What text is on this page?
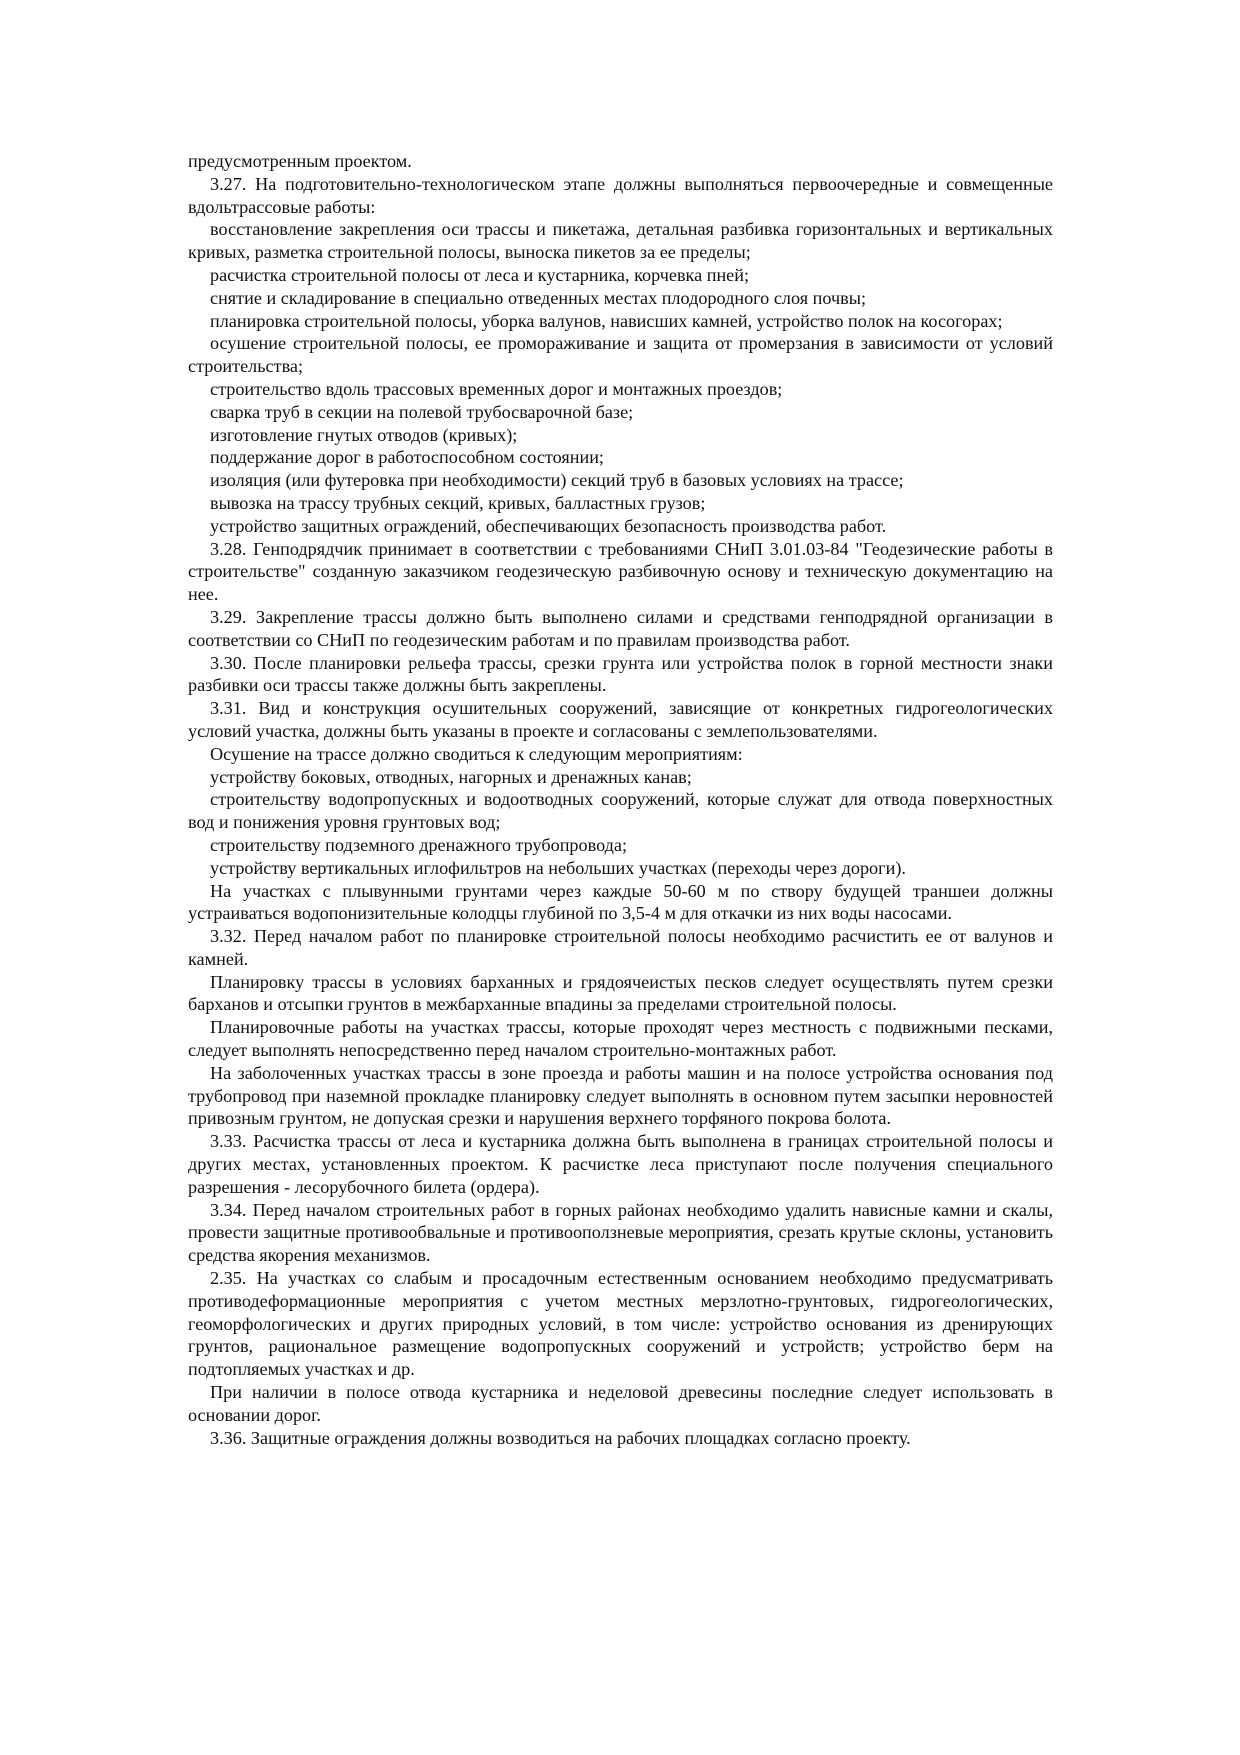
предусмотренным проектом.

3.27. На подготовительно-технологическом этапе должны выполняться первоочередные и совмещенные вдольтрассовые работы:

восстановление закрепления оси трассы и пикетажа, детальная разбивка горизонтальных и вертикальных кривых, разметка строительной полосы, выноска пикетов за ее пределы;

расчистка строительной полосы от леса и кустарника, корчевка пней;

снятие и складирование в специально отведенных местах плодородного слоя почвы;

планировка строительной полосы, уборка валунов, нависших камней, устройство полок на косогорах;

осушение строительной полосы, ее промораживание и защита от промерзания в зависимости от условий строительства;

строительство вдоль трассовых временных дорог и монтажных проездов;

сварка труб в секции на полевой трубосварочной базе;

изготовление гнутых отводов (кривых);

поддержание дорог в работоспособном состоянии;

изоляция (или футеровка при необходимости) секций труб в базовых условиях на трассе;

вывозка на трассу трубных секций, кривых, балластных грузов;

устройство защитных ограждений, обеспечивающих безопасность производства работ.

3.28. Генподрядчик принимает в соответствии с требованиями СНиП 3.01.03-84 "Геодезические работы в строительстве" созданную заказчиком геодезическую разбивочную основу и техническую документацию на нее.

3.29. Закрепление трассы должно быть выполнено силами и средствами генподрядной организации в соответствии со СНиП по геодезическим работам и по правилам производства работ.

3.30. После планировки рельефа трассы, срезки грунта или устройства полок в горной местности знаки разбивки оси трассы также должны быть закреплены.

3.31. Вид и конструкция осушительных сооружений, зависящие от конкретных гидрогеологических условий участка, должны быть указаны в проекте и согласованы с землепользователями.

Осушение на трассе должно сводиться к следующим мероприятиям:

устройству боковых, отводных, нагорных и дренажных канав;

строительству водопропускных и водоотводных сооружений, которые служат для отвода поверхностных вод и понижения уровня грунтовых вод;

строительству подземного дренажного трубопровода;

устройству вертикальных иглофильтров на небольших участках (переходы через дороги).

На участках с плывунными грунтами через каждые 50-60 м по створу будущей траншеи должны устраиваться водопонизительные колодцы глубиной по 3,5-4 м для откачки из них воды насосами.

3.32. Перед началом работ по планировке строительной полосы необходимо расчистить ее от валунов и камней.

Планировку трассы в условиях барханных и грядоячеистых песков следует осуществлять путем срезки барханов и отсыпки грунтов в межбарханные впадины за пределами строительной полосы.

Планировочные работы на участках трассы, которые проходят через местность с подвижными песками, следует выполнять непосредственно перед началом строительно-монтажных работ.

На заболоченных участках трассы в зоне проезда и работы машин и на полосе устройства основания под трубопровод при наземной прокладке планировку следует выполнять в основном путем засыпки неровностей привозным грунтом, не допуская срезки и нарушения верхнего торфяного покрова болота.

3.33. Расчистка трассы от леса и кустарника должна быть выполнена в границах строительной полосы и других местах, установленных проектом. К расчистке леса приступают после получения специального разрешения - лесорубочного билета (ордера).

3.34. Перед началом строительных работ в горных районах необходимо удалить нависные камни и скалы, провести защитные противообвальные и противооползневые мероприятия, срезать крутые склоны, установить средства якорения механизмов.

2.35. На участках со слабым и просадочным естественным основанием необходимо предусматривать противодеформационные мероприятия с учетом местных мерзлотно-грунтовых, гидрогеологических, геоморфологических и других природных условий, в том числе: устройство основания из дренирующих грунтов, рациональное размещение водопропускных сооружений и устройств; устройство берм на подтопляемых участках и др.

При наличии в полосе отвода кустарника и неделовой древесины последние следует использовать в основании дорог.

3.36. Защитные ограждения должны возводиться на рабочих площадках согласно проекту.
